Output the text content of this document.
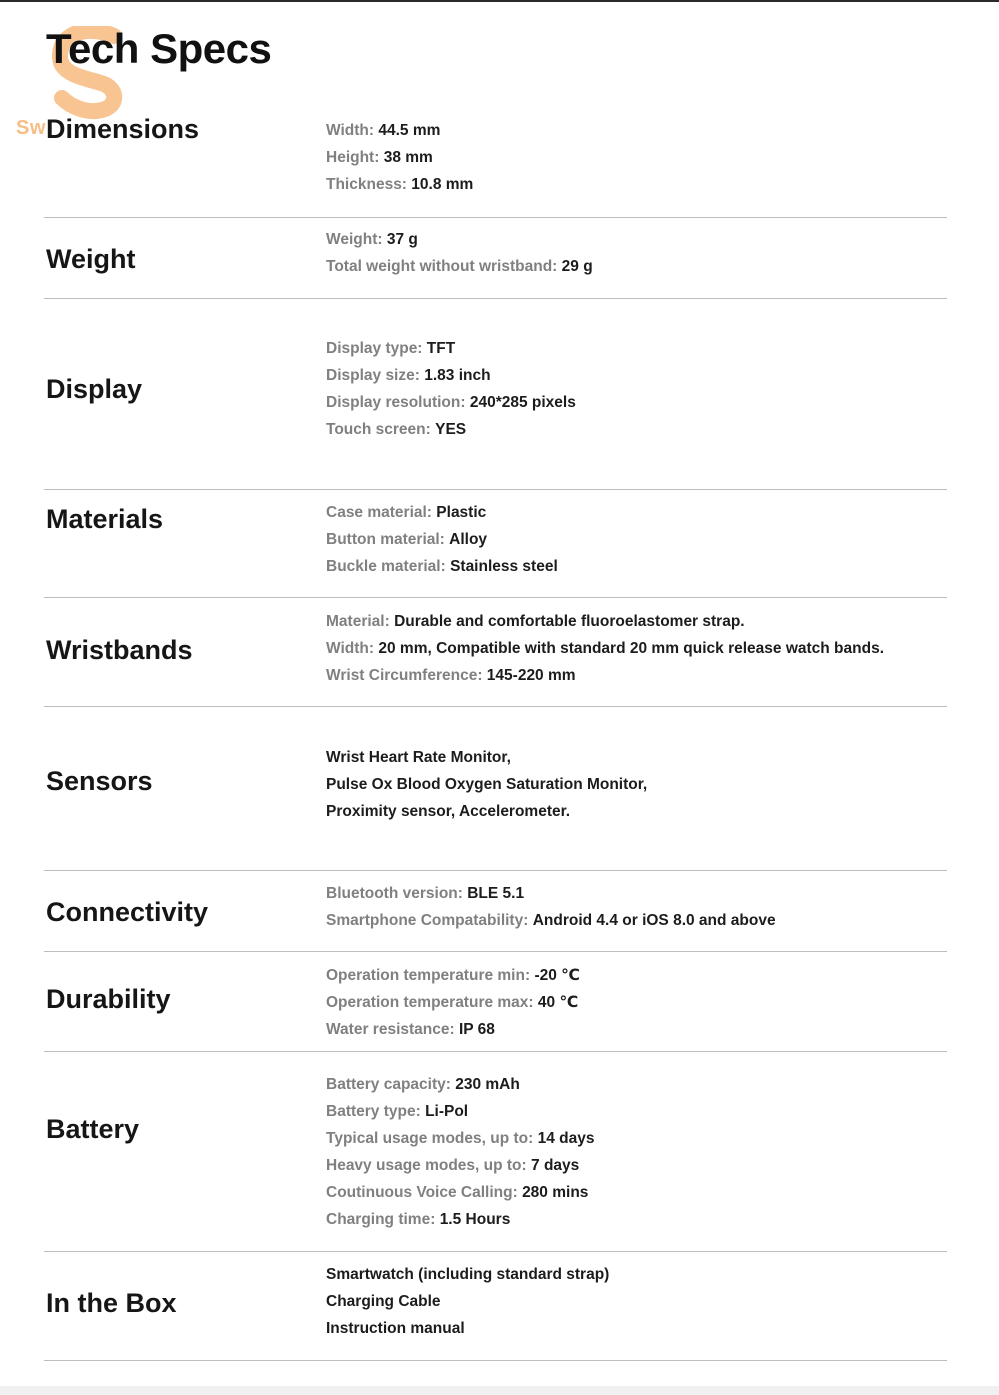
Sw
Tech Specs
Dimensions	Width: 44.5 mm
Height: 38 mm
Thickness: 10.8 mm
Weight
Weight: 37 g
Total weight without wristband: 29 g
Display
Display type: TFT
Display size: 1.83 inch
Display resolution: 240*285 pixels
Touch screen: YES
Materials	Case material: Plastic
Button material: Alloy
Buckle material: Stainless steel
Wristbands
Material: Durable and comfortable fluoroelastomer strap.
Width: 20 mm, Compatible with standard 20 mm quick release watch bands.
Wrist Circumference: 145-220 mm
Sensors
Wrist Heart Rate Monitor,
Pulse Ox Blood Oxygen Saturation Monitor,
Proximity sensor, Accelerometer.
Connectivity
Bluetooth version: BLE 5.1
Smartphone Compatability: Android 4.4 or iOS 8.0 and above
Durability
Operation temperature min: -20 ℃
Operation temperature max: 40 ℃
Water resistance: IP 68
Battery
Battery capacity: 230 mAh
Battery type: Li-Pol
Typical usage modes, up to: 14 days
Heavy usage modes, up to: 7 days
Coutinuous Voice Calling: 280 mins
Charging time: 1.5 Hours
In the Box
Smartwatch (including standard strap)
Charging Cable
Instruction manual
